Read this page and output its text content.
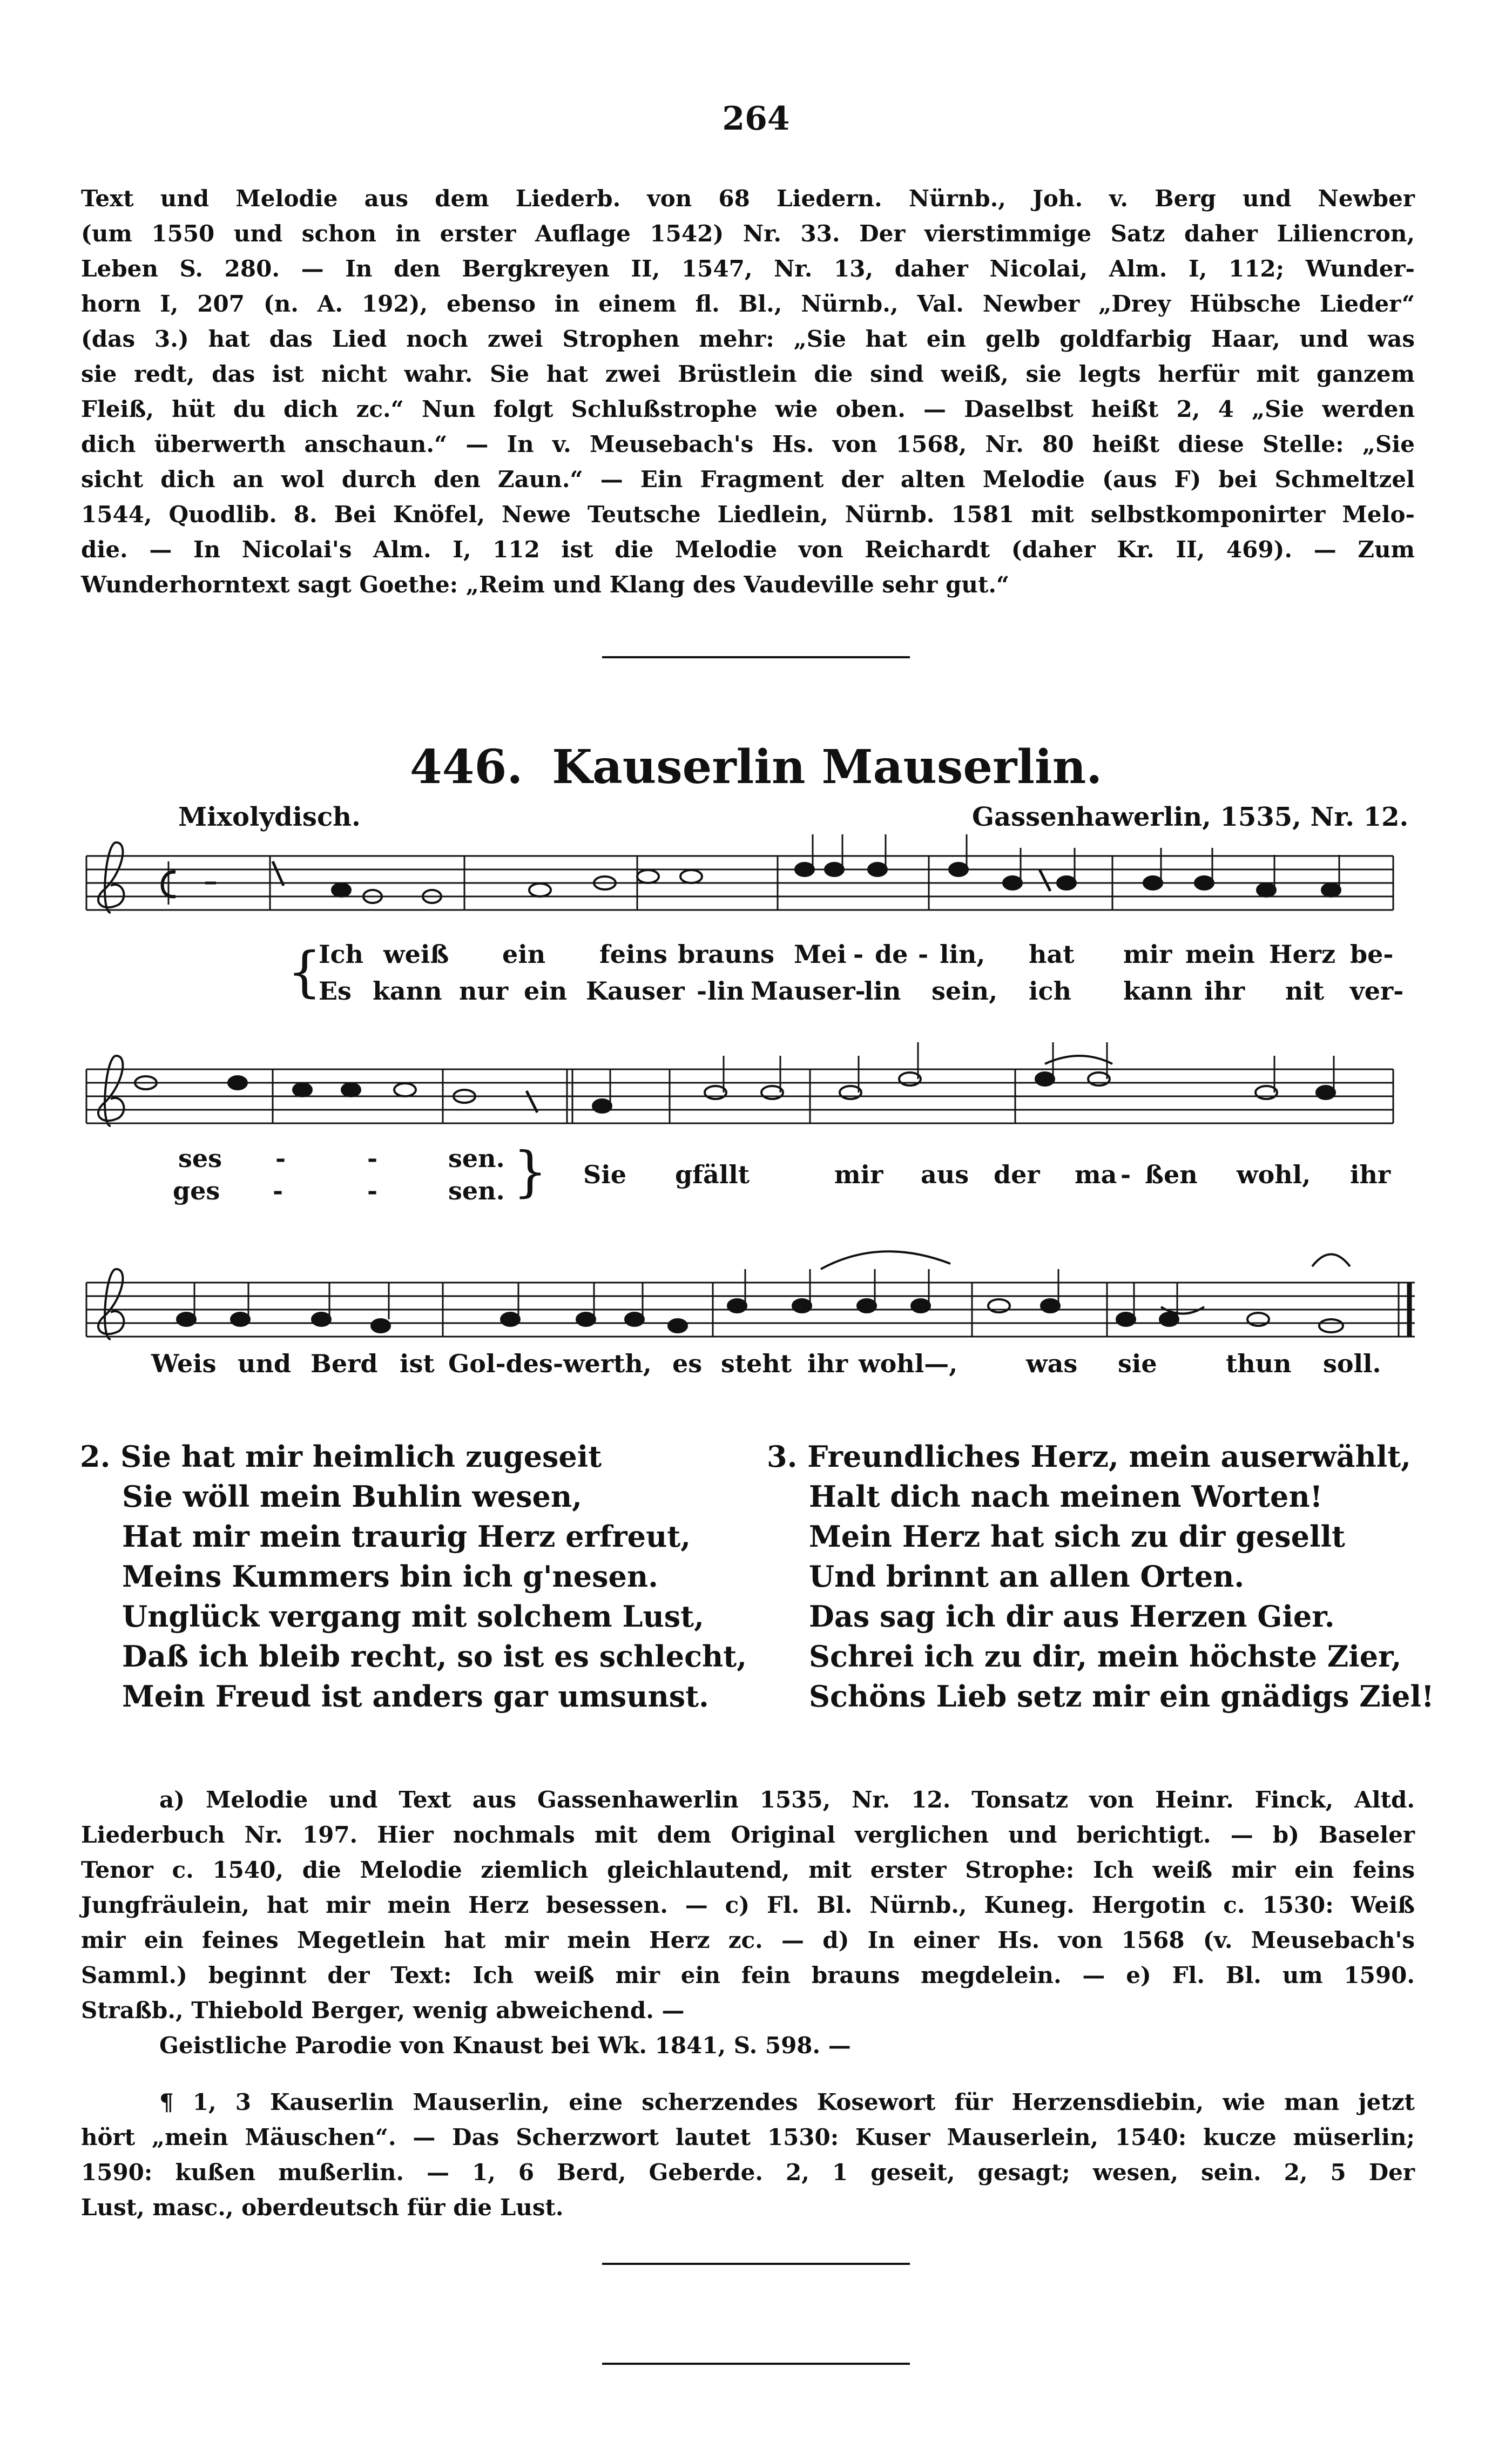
264
Text und Melodie aus dem Liederb. von 68 Liedern. Nürnb., Joh. v. Berg und Newber
(um 1550 und schon in erster Auflage 1542) Nr. 33. Der vierstimmige Satz daher Liliencron,
Leben S. 280. — In den Bergkreyen II, 1547, Nr. 13, daher Nicolai, Alm. I, 112; Wunder-
horn I, 207 (n. A. 192), ebenso in einem fl. Bl., Nürnb., Val. Newber „Drey Hübsche Lieder“
(das 3.) hat das Lied noch zwei Strophen mehr: „Sie hat ein gelb goldfarbig Haar, und was
sie redt, das ist nicht wahr. Sie hat zwei Brüstlein die sind weiß, sie legts herfür mit ganzem
Fleiß, hüt du dich zc.“ Nun folgt Schlußstrophe wie oben. — Daselbst heißt 2, 4 „Sie werden
dich überwerth anschaun.“ — In v. Meusebach's Hs. von 1568, Nr. 80 heißt diese Stelle: „Sie
sicht dich an wol durch den Zaun.“ — Ein Fragment der alten Melodie (aus F) bei Schmeltzel
1544, Quodlib. 8. Bei Knöfel, Newe Teutsche Liedlein, Nürnb. 1581 mit selbstkomponirter Melo-
die. — In Nicolai's Alm. I, 112 ist die Melodie von Reichardt (daher Kr. II, 469). — Zum
Wunderhorntext sagt Goethe: „Reim und Klang des Vaudeville sehr gut.“
446. Kauserlin Mauserlin.
Mixolydisch.	Gassenhawerlin, 1535, Nr. 12.
{
Ich weiß ein feins brauns Mei - de - lin, hat mir mein Herz be-
Es kann nur ein Kauser - lin Mauser-
lin sein, ich kann ihr nit ver-
ses -	-	sen.
ges -	-	sen. { Sie gfällt	mir aus der ma - ßen wohl, ihr
Weis und Berd ist Gol-des-werth, es steht ihr wohl—,	was sie	thun soll.
2. Sie hat mir heimlich zugeseit
Sie wöll mein Buhlin wesen,
Hat mir mein traurig Herz erfreut,
Meins Kummers bin ich g'nesen.
Unglück vergang mit solchem Lust,
Daß ich bleib recht, so ist es schlecht,
Mein Freud ist anders gar umsunst.
3. Freundliches Herz, mein auserwählt,
Halt dich nach meinen Worten!
Mein Herz hat sich zu dir gesellt
Und brinnt an allen Orten.
Das sag ich dir aus Herzen Gier.
Schrei ich zu dir, mein höchste Zier,
Schöns Lieb setz mir ein gnädigs Ziel!
a) Melodie und Text aus Gassenhawerlin 1535, Nr. 12. Tonsatz von Heinr. Finck, Altd.
Liederbuch Nr. 197. Hier nochmals mit dem Original verglichen und berichtigt. — b) Baseler
Tenor c. 1540, die Melodie ziemlich gleichlautend, mit erster Strophe: Ich weiß mir ein feins
Jungfräulein, hat mir mein Herz besessen. — c) Fl. Bl. Nürnb., Kuneg. Hergotin c. 1530: Weiß
mir ein feines Megetlein hat mir mein Herz zc. — d) In einer Hs. von 1568 (v. Meusebach's
Samml.) beginnt der Text: Ich weiß mir ein fein brauns megdelein. — e) Fl. Bl. um 1590.
Straßb., Thiebold Berger, wenig abweichend. —
Geistliche Parodie von Knaust bei Wk. 1841, S. 598. —
¶ 1, 3 Kauserlin Mauserlin, eine scherzendes Kosewort für Herzensdiebin, wie man jetzt
hört „mein Mäuschen“. — Das Scherzwort lautet 1530: Kuser Mauserlein, 1540: kucze müserlin;
1590: kußen mußerlin. — 1, 6 Berd, Geberde. 2, 1 geseit, gesagt; wesen, sein. 2, 5 Der
Lust, masc., oberdeutsch für die Lust.
